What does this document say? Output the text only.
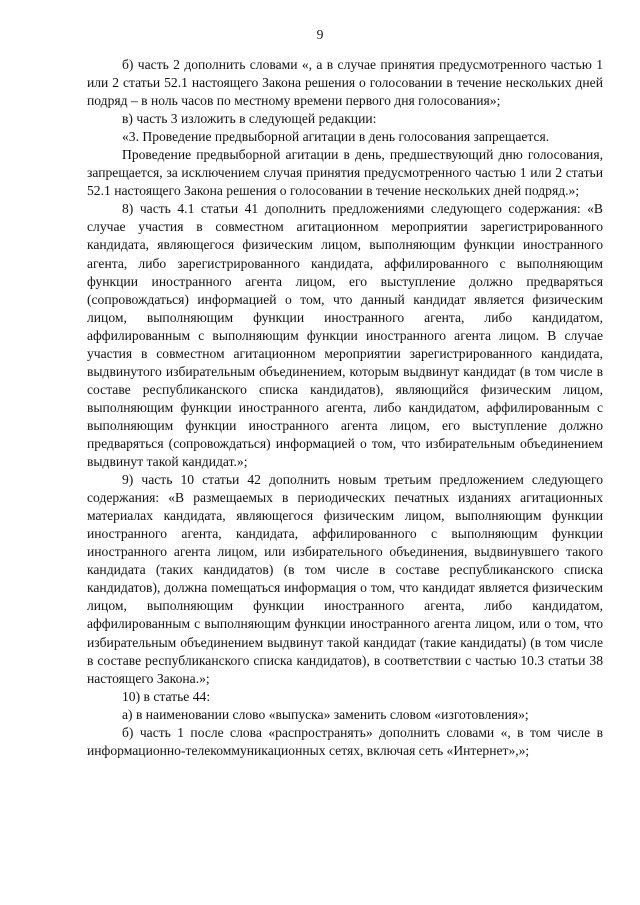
9

б) часть 2 дополнить словами «, а в случае принятия предусмотренного частью 1 или 2 статьи 52.1 настоящего Закона решения о голосовании в течение нескольких дней подряд – в ноль часов по местному времени первого дня голосования»;

в) часть 3 изложить в следующей редакции:

«3. Проведение предвыборной агитации в день голосования запрещается.

Проведение предвыборной агитации в день, предшествующий дню голосования, запрещается, за исключением случая принятия предусмотренного частью 1 или 2 статьи 52.1 настоящего Закона решения о голосовании в течение нескольких дней подряд.»;

8) часть 4.1 статьи 41 дополнить предложениями следующего содержания: «В случае участия в совместном агитационном мероприятии зарегистрированного кандидата, являющегося физическим лицом, выполняющим функции иностранного агента, либо зарегистрированного кандидата, аффилированного с выполняющим функции иностранного агента лицом, его выступление должно предваряться (сопровождаться) информацией о том, что данный кандидат является физическим лицом, выполняющим функции иностранного агента, либо кандидатом, аффилированным с выполняющим функции иностранного агента лицом. В случае участия в совместном агитационном мероприятии зарегистрированного кандидата, выдвинутого избирательным объединением, которым выдвинут кандидат (в том числе в составе республиканского списка кандидатов), являющийся физическим лицом, выполняющим функции иностранного агента, либо кандидатом, аффилированным с выполняющим функции иностранного агента лицом, его выступление должно предваряться (сопровождаться) информацией о том, что избирательным объединением выдвинут такой кандидат.»;

9) часть 10 статьи 42 дополнить новым третьим предложением следующего содержания: «В размещаемых в периодических печатных изданиях агитационных материалах кандидата, являющегося физическим лицом, выполняющим функции иностранного агента, кандидата, аффилированного с выполняющим функции иностранного агента лицом, или избирательного объединения, выдвинувшего такого кандидата (таких кандидатов) (в том числе в составе республиканского списка кандидатов), должна помещаться информация о том, что кандидат является физическим лицом, выполняющим функции иностранного агента, либо кандидатом, аффилированным с выполняющим функции иностранного агента лицом, или о том, что избирательным объединением выдвинут такой кандидат (такие кандидаты) (в том числе в составе республиканского списка кандидатов), в соответствии с частью 10.3 статьи 38 настоящего Закона.»;

10) в статье 44:

а) в наименовании слово «выпуска» заменить словом «изготовления»;

б) часть 1 после слова «распространять» дополнить словами «, в том числе в информационно-телекоммуникационных сетях, включая сеть «Интернет»,»;
